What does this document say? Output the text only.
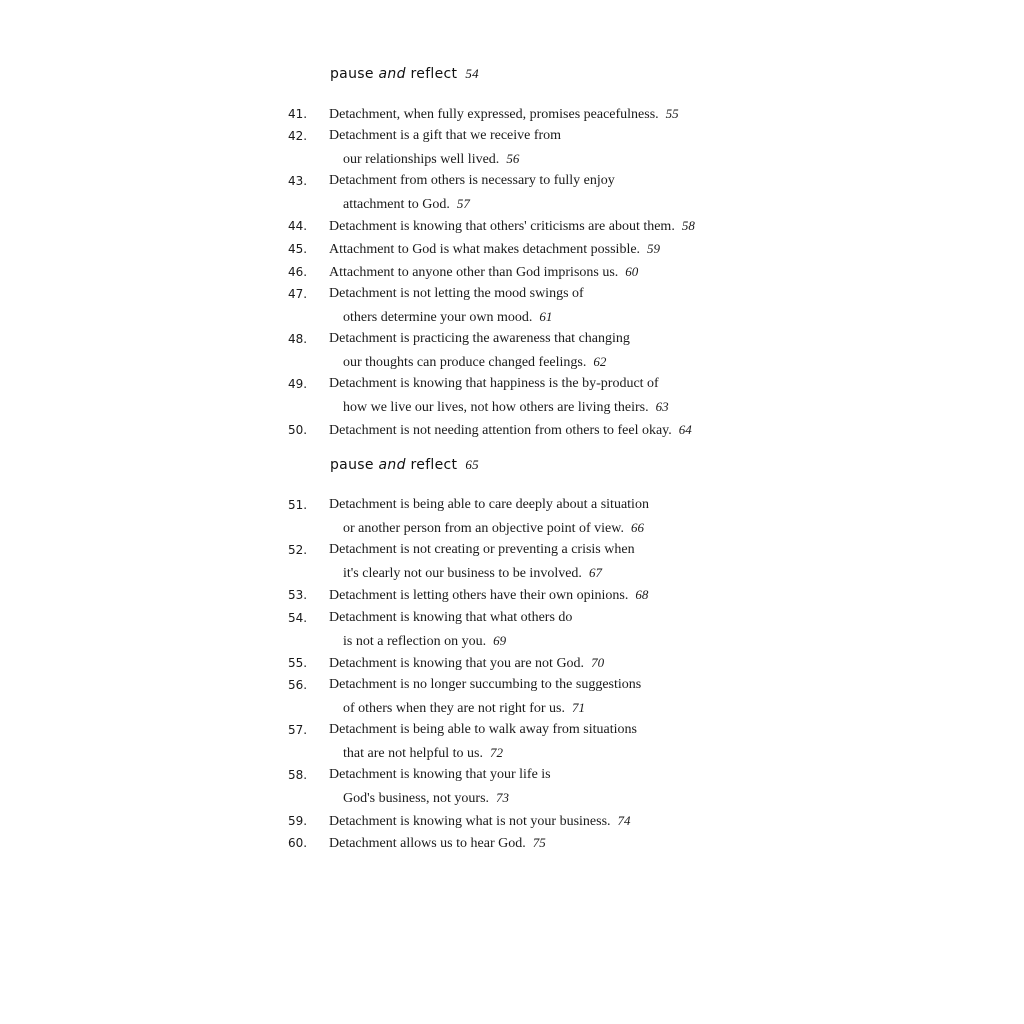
pause and reflect 54
41. Detachment, when fully expressed, promises peacefulness. 55
42. Detachment is a gift that we receive from
our relationships well lived. 56
43. Detachment from others is necessary to fully enjoy
attachment to God. 57
44. Detachment is knowing that others' criticisms are about them. 58
45. Attachment to God is what makes detachment possible. 59
46. Attachment to anyone other than God imprisons us. 60
47. Detachment is not letting the mood swings of
others determine your own mood. 61
48. Detachment is practicing the awareness that changing
our thoughts can produce changed feelings. 62
49. Detachment is knowing that happiness is the by-product of
how we live our lives, not how others are living theirs. 63
50. Detachment is not needing attention from others to feel okay. 64
pause and reflect 65
51. Detachment is being able to care deeply about a situation
or another person from an objective point of view. 66
52. Detachment is not creating or preventing a crisis when
it's clearly not our business to be involved. 67
53. Detachment is letting others have their own opinions. 68
54. Detachment is knowing that what others do
is not a reflection on you. 69
55. Detachment is knowing that you are not God. 70
56. Detachment is no longer succumbing to the suggestions
of others when they are not right for us. 71
57. Detachment is being able to walk away from situations
that are not helpful to us. 72
58. Detachment is knowing that your life is
God's business, not yours. 73
59. Detachment is knowing what is not your business. 74
60. Detachment allows us to hear God. 75
